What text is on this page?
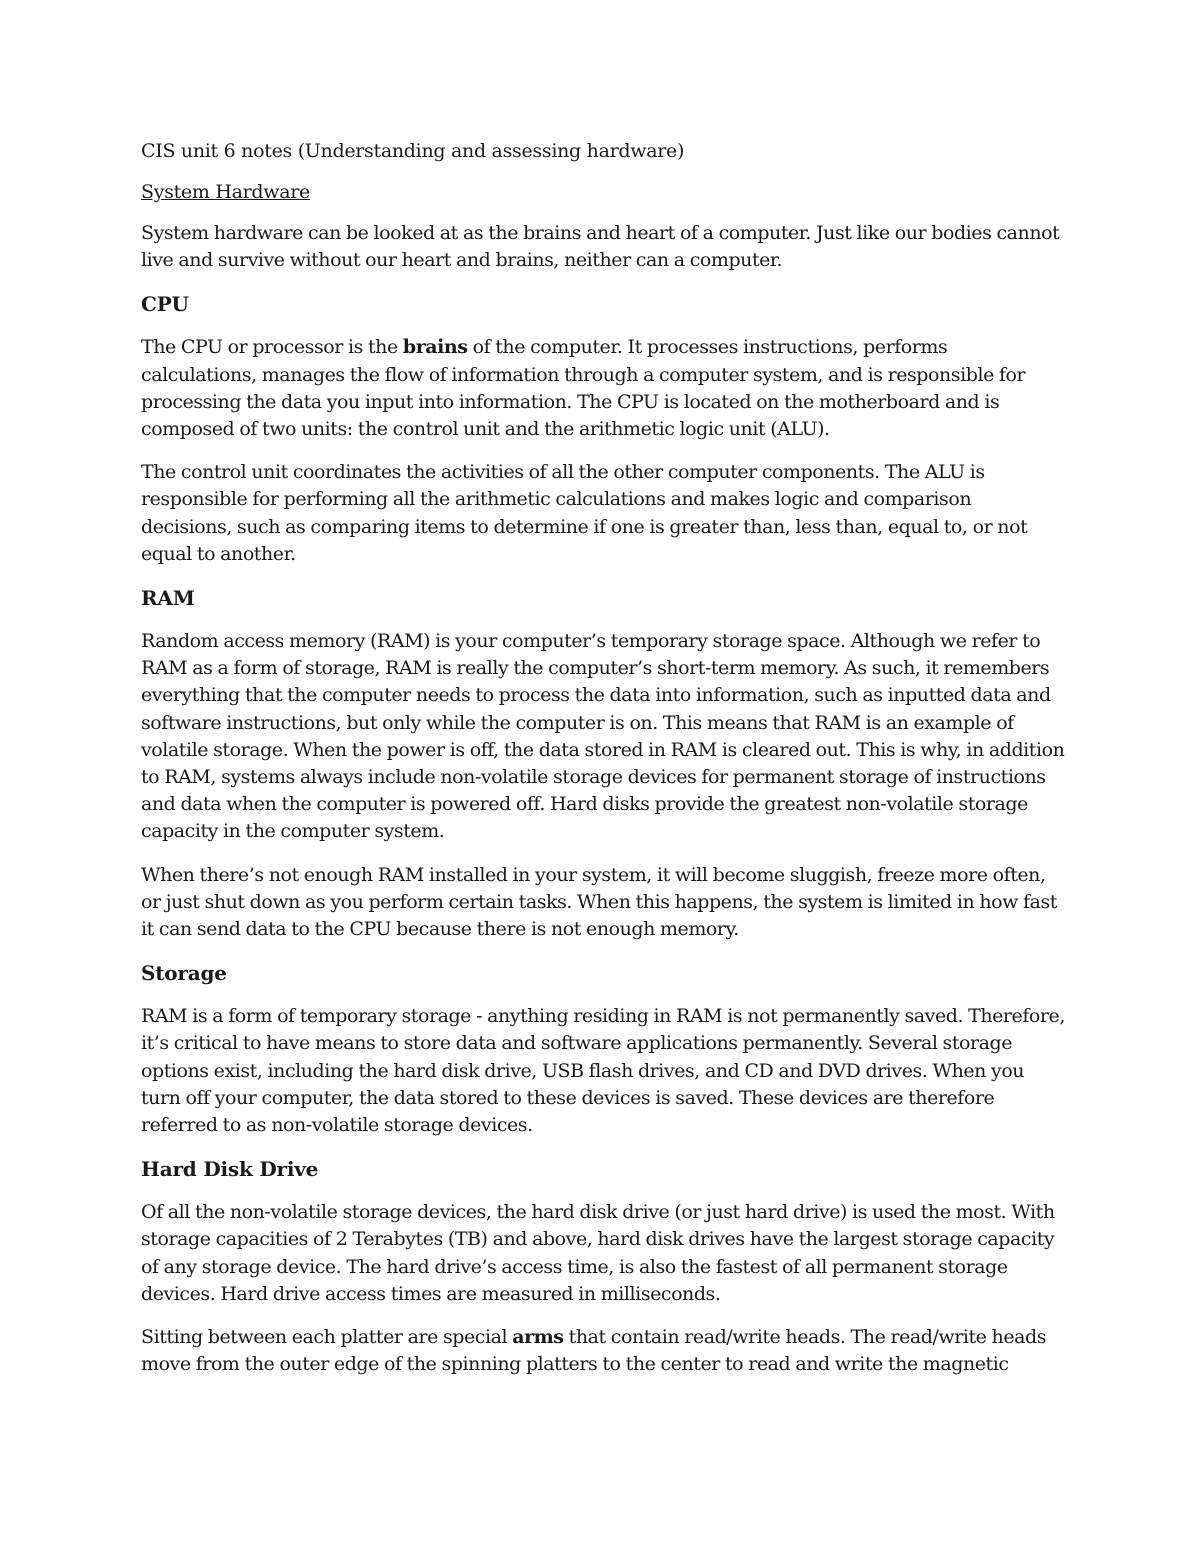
CIS unit 6 notes (Understanding and assessing hardware)

System Hardware

System hardware can be looked at as the brains and heart of a computer. Just like our bodies cannot live and survive without our heart and brains, neither can a computer.

CPU

The CPU or processor is the brains of the computer. It processes instructions, performs calculations, manages the flow of information through a computer system, and is responsible for processing the data you input into information. The CPU is located on the motherboard and is composed of two units: the control unit and the arithmetic logic unit (ALU).

The control unit coordinates the activities of all the other computer components. The ALU is responsible for performing all the arithmetic calculations and makes logic and comparison decisions, such as comparing items to determine if one is greater than, less than, equal to, or not equal to another.

RAM

Random access memory (RAM) is your computer’s temporary storage space. Although we refer to RAM as a form of storage, RAM is really the computer’s short-term memory. As such, it remembers everything that the computer needs to process the data into information, such as inputted data and software instructions, but only while the computer is on. This means that RAM is an example of volatile storage. When the power is off, the data stored in RAM is cleared out. This is why, in addition to RAM, systems always include non-volatile storage devices for permanent storage of instructions and data when the computer is powered off. Hard disks provide the greatest non-volatile storage capacity in the computer system.

When there’s not enough RAM installed in your system, it will become sluggish, freeze more often, or just shut down as you perform certain tasks. When this happens, the system is limited in how fast it can send data to the CPU because there is not enough memory.

Storage

RAM is a form of temporary storage - anything residing in RAM is not permanently saved. Therefore, it’s critical to have means to store data and software applications permanently. Several storage options exist, including the hard disk drive, USB flash drives, and CD and DVD drives. When you turn off your computer, the data stored to these devices is saved. These devices are therefore referred to as non-volatile storage devices.

Hard Disk Drive

Of all the non-volatile storage devices, the hard disk drive (or just hard drive) is used the most. With storage capacities of 2 Terabytes (TB) and above, hard disk drives have the largest storage capacity of any storage device. The hard drive’s access time, is also the fastest of all permanent storage devices. Hard drive access times are measured in milliseconds.

Sitting between each platter are special arms that contain read/write heads. The read/write heads move from the outer edge of the spinning platters to the center to read and write the magnetic
